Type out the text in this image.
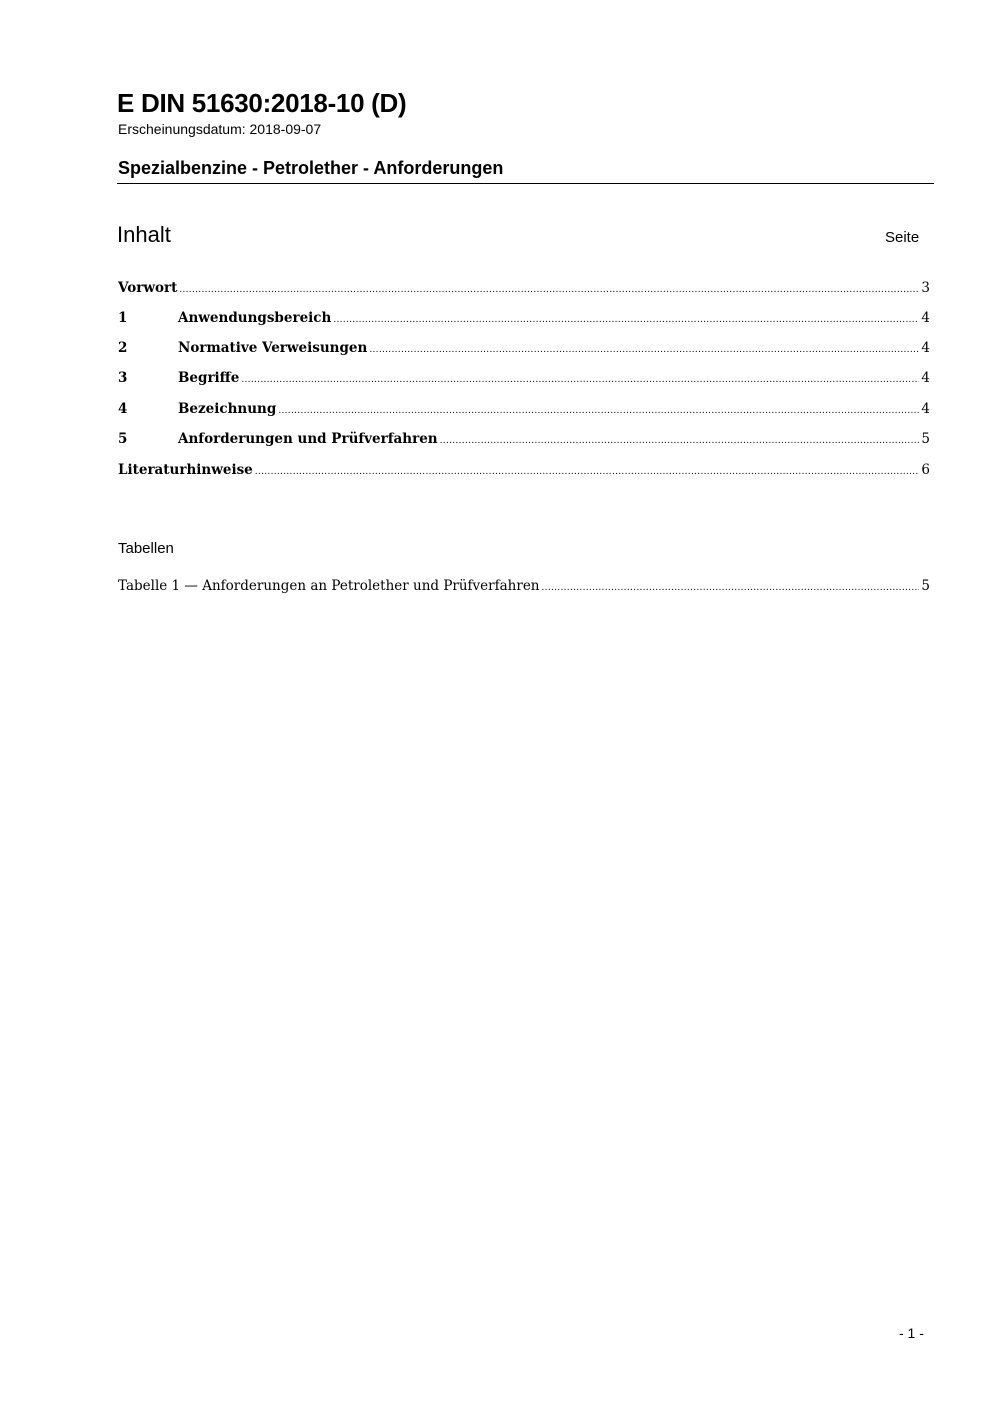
E DIN 51630:2018-10 (D)
Erscheinungsdatum: 2018-09-07
Spezialbenzine - Petrolether - Anforderungen
Inhalt	Seite
Vorwort .....	3
1	Anwendungsbereich .....	4
2	Normative Verweisungen .....	4
3	Begriffe .....	4
4	Bezeichnung .....	4
5	Anforderungen und Prüfverfahren .....	5
Literaturhinweise .....	6
Tabellen
Tabelle 1 — Anforderungen an Petrolether und Prüfverfahren .....	5
- 1 -
